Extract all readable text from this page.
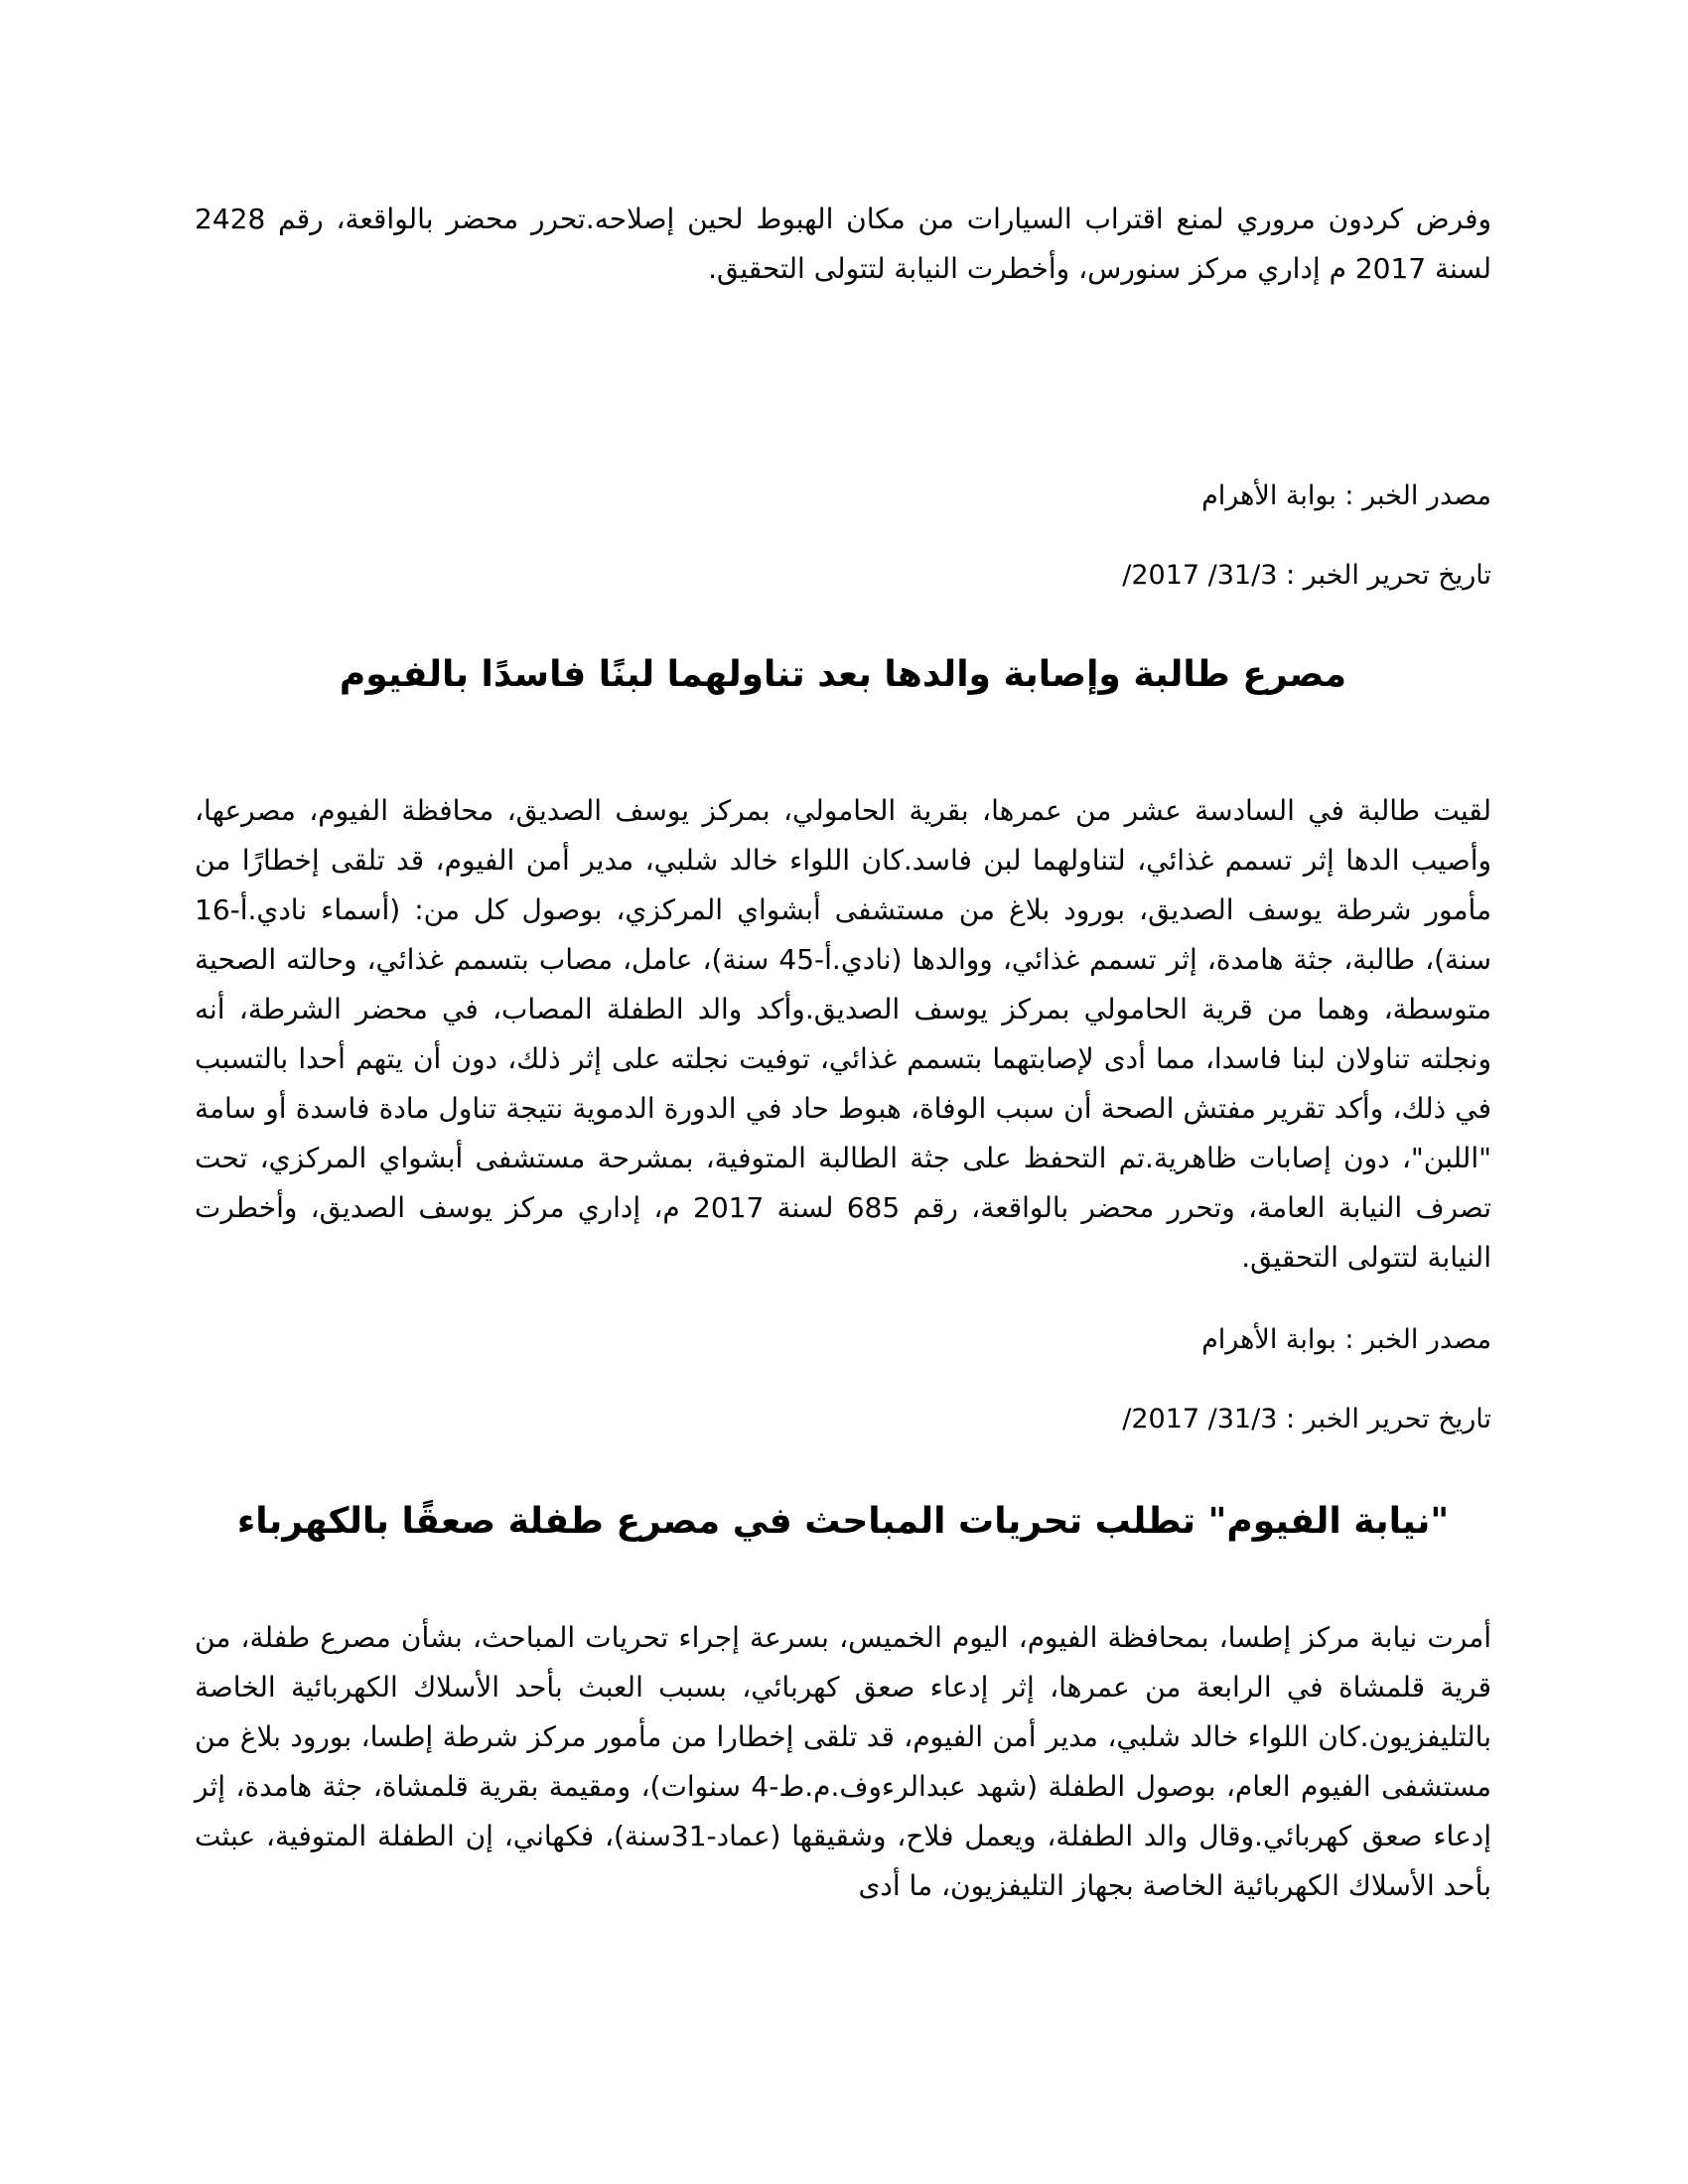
وفرض كردون مروري لمنع اقتراب السيارات من مكان الهبوط لحين إصلاحه.تحرر محضر بالواقعة، رقم 2428 لسنة 2017 م إداري مركز سنورس، وأخطرت النيابة لتتولى التحقيق.

مصدر الخبر : بوابة الأهرام

تاريخ تحرير الخبر : 31/3/ 2017/

مصرع طالبة وإصابة والدها بعد تناولهما لبنًا فاسدًا بالفيوم

لقيت طالبة في السادسة عشر من عمرها، بقرية الحامولي، بمركز يوسف الصديق، محافظة الفيوم، مصرعها، وأصيب الدها إثر تسمم غذائي، لتناولهما لبن فاسد.كان اللواء خالد شلبي، مدير أمن الفيوم، قد تلقى إخطارًا من مأمور شرطة يوسف الصديق، بورود بلاغ من مستشفى أبشواي المركزي، بوصول كل من: (أسماء نادي.أ-16 سنة)، طالبة، جثة هامدة، إثر تسمم غذائي، ووالدها (نادي.أ-45 سنة)، عامل، مصاب بتسمم غذائي، وحالته الصحية متوسطة، وهما من قرية الحامولي بمركز يوسف الصديق.وأكد والد الطفلة المصاب، في محضر الشرطة، أنه ونجلته تناولان لبنا فاسدا، مما أدى لإصابتهما بتسمم غذائي، توفيت نجلته على إثر ذلك، دون أن يتهم أحدا بالتسبب في ذلك، وأكد تقرير مفتش الصحة أن سبب الوفاة، هبوط حاد في الدورة الدموية نتيجة تناول مادة فاسدة أو سامة "اللبن"، دون إصابات ظاهرية.تم التحفظ على جثة الطالبة المتوفية، بمشرحة مستشفى أبشواي المركزي، تحت تصرف النيابة العامة، وتحرر محضر بالواقعة، رقم 685 لسنة 2017 م، إداري مركز يوسف الصديق، وأخطرت النيابة لتتولى التحقيق.

مصدر الخبر : بوابة الأهرام

تاريخ تحرير الخبر : 31/3/ 2017/

"نيابة الفيوم" تطلب تحريات المباحث في مصرع طفلة صعقًا بالكهرباء

أمرت نيابة مركز إطسا، بمحافظة الفيوم، اليوم الخميس، بسرعة إجراء تحريات المباحث، بشأن مصرع طفلة، من قرية قلمشاة في الرابعة من عمرها، إثر إدعاء صعق كهربائي، بسبب العبث بأحد الأسلاك الكهربائية الخاصة بالتليفزيون.كان اللواء خالد شلبي، مدير أمن الفيوم، قد تلقى إخطارا من مأمور مركز شرطة إطسا، بورود بلاغ من مستشفى الفيوم العام، بوصول الطفلة (شهد عبدالرءوف.م.ط-4 سنوات)، ومقيمة بقرية قلمشاة، جثة هامدة، إثر إدعاء صعق كهربائي.وقال والد الطفلة، ويعمل فلاح، وشقيقها (عماد-31سنة)، فكهاني، إن الطفلة المتوفية، عبثت بأحد الأسلاك الكهربائية الخاصة بجهاز التليفزيون، ما أدى
